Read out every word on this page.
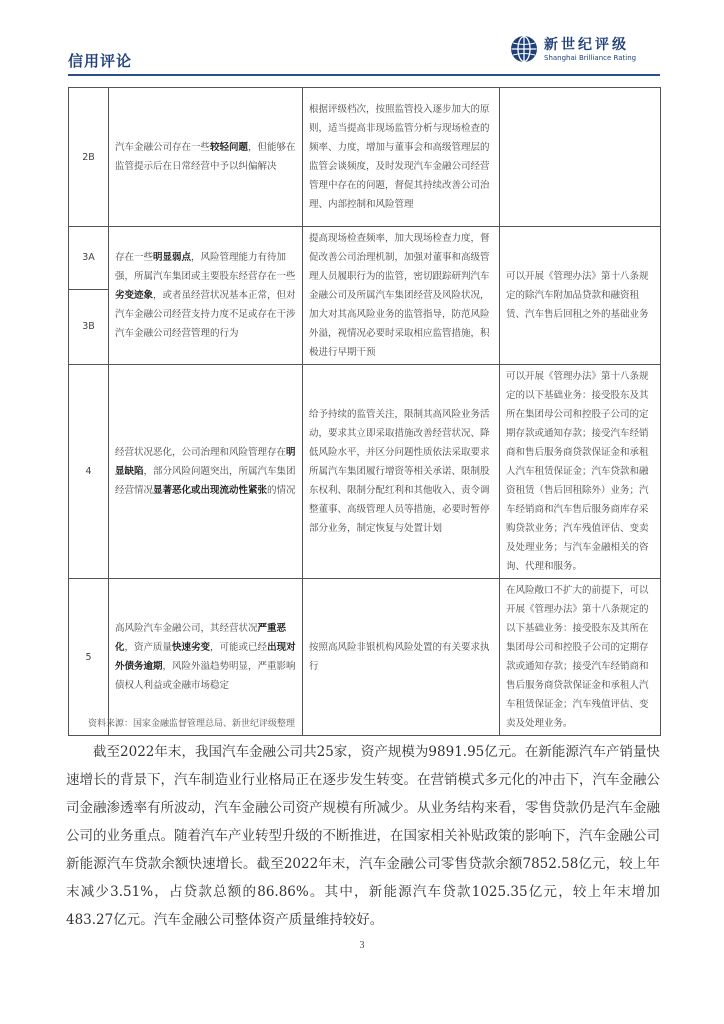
信用评论
新世纪评级
Shanghai Brilliance Rating
2B	汽车金融公司存在一些较轻问题，但能够在监管提示后在日常经营中予以纠偏解决	根据评级档次，按照监管投入逐步加大的原则，适当提高非现场监管分析与现场检查的频率、力度，增加与董事会和高级管理层的监管会谈频度，及时发现汽车金融公司经营管理中存在的问题，督促其持续改善公司治理、内部控制和风险管理	
3A	存在一些明显弱点，风险管理能力有待加强，所属汽车集团或主要股东经营存在一些劣变迹象，或者虽经营状况基本正常，但对汽车金融公司经营支持力度不足或存在干涉汽车金融公司经营管理的行为	提高现场检查频率，加大现场检查力度，督促改善公司治理机制，加强对董事和高级管理人员履职行为的监管，密切跟踪研判汽车金融公司及所属汽车集团经营及风险状况，加大对其高风险业务的监管指导，防范风险外溢，视情况必要时采取相应监管措施，积极进行早期干预	可以开展《管理办法》第十八条规定的除汽车附加品贷款和融资租赁、汽车售后回租之外的基础业务
3B			
4	经营状况恶化，公司治理和风险管理存在明显缺陷，部分风险问题突出，所属汽车集团经营情况显著恶化或出现流动性紧张的情况	给予持续的监管关注，限制其高风险业务活动，要求其立即采取措施改善经营状况、降低风险水平，并区分问题性质依法采取要求所属汽车集团履行增资等相关承诺、限制股东权利、限制分配红利和其他收入、责令调整董事、高级管理人员等措施，必要时暂停部分业务，制定恢复与处置计划	可以开展《管理办法》第十八条规定的以下基础业务：接受股东及其所在集团母公司和控股子公司的定期存款或通知存款；接受汽车经销商和售后服务商贷款保证金和承租人汽车租赁保证金；汽车贷款和融资租赁（售后回租除外）业务；汽车经销商和汽车售后服务商库存采购贷款业务；汽车残值评估、变卖及处理业务；与汽车金融相关的咨询、代理和服务。
5	高风险汽车金融公司，其经营状况严重恶化，资产质量快速劣变，可能或已经出现对外债务逾期，风险外溢趋势明显，严重影响债权人利益或金融市场稳定	按照高风险非银机构风险处置的有关要求执行	在风险敞口不扩大的前提下，可以开展《管理办法》第十八条规定的以下基础业务：接受股东及其所在集团母公司和控股子公司的定期存款或通知存款；接受汽车经销商和售后服务商贷款保证金和承租人汽车租赁保证金；汽车残值评估、变卖及处理业务。
资料来源：国家金融监督管理总局、新世纪评级整理

截至2022年末，我国汽车金融公司共25家，资产规模为9891.95亿元。在新能源汽车产销量快速增长的背景下，汽车制造业行业格局正在逐步发生转变。在营销模式多元化的冲击下，汽车金融公司金融渗透率有所波动，汽车金融公司资产规模有所减少。从业务结构来看，零售贷款仍是汽车金融公司的业务重点。随着汽车产业转型升级的不断推进，在国家相关补贴政策的影响下，汽车金融公司新能源汽车贷款余额快速增长。截至2022年末，汽车金融公司零售贷款余额7852.58亿元，较上年末减少3.51%，占贷款总额的86.86%。其中，新能源汽车贷款1025.35亿元，较上年末增加483.27亿元。汽车金融公司整体资产质量维持较好。

3
